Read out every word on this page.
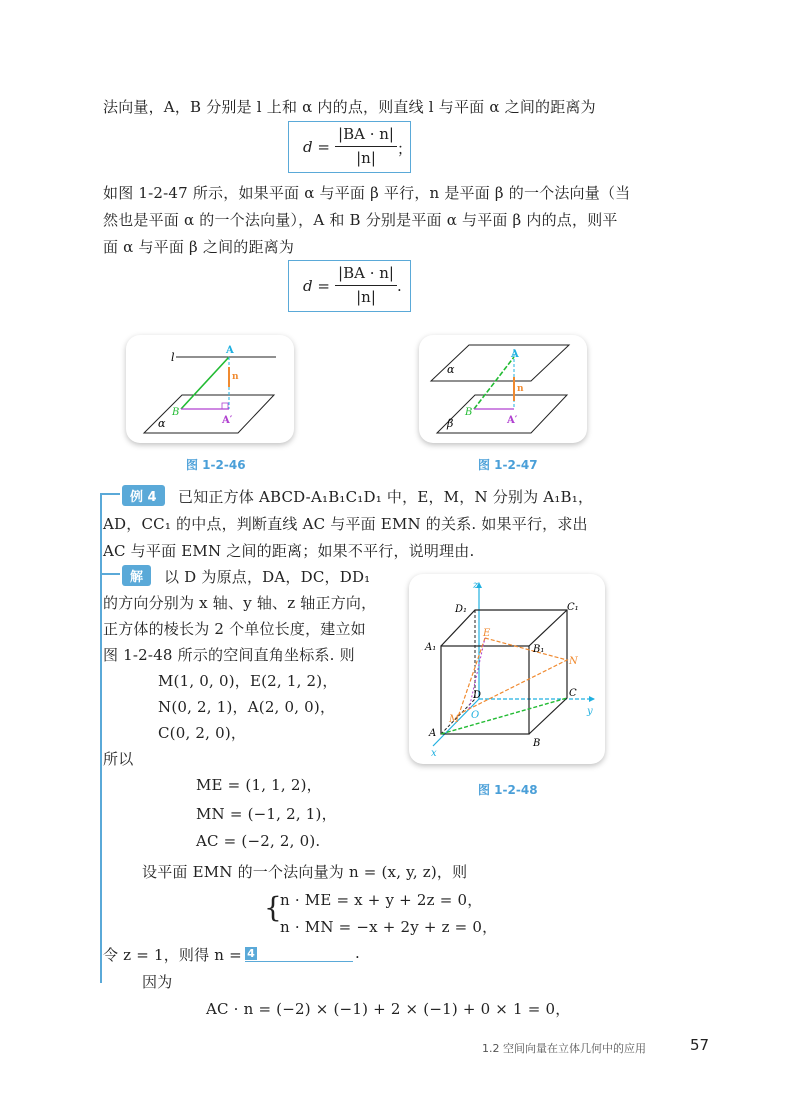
法向量，A，B 分别是 l 上和 α 内的点，则直线 l 与平面 α 之间的距离为
d =
|BA · n|
|n|	；
如图 1-2-47 所示，如果平面 α 与平面 β 平行，n 是平面 β 的一个法向量（当
然也是平面 α 的一个法向量），A 和 B 分别是平面 α 与平面 β 内的点，则平
面 α 与平面 β 之间的距离为
d =
|BA · n|
|n|
.
l
A
n
B
A′
α
图 1-2-46
α
A
n
B
A′
β
图 1-2-47
例 4	已知正方体 ABCD-A₁B₁C₁D₁ 中，E，M，N 分别为 A₁B₁，
AD，CC₁ 的中点，判断直线 AC 与平面 EMN 的关系. 如果平行，求出
AC 与平面 EMN 之间的距离；如果不平行，说明理由.
解	以 D 为原点，DA，DC，DD₁
的方向分别为 x 轴、y 轴、z 轴正方向，
正方体的棱长为 2 个单位长度，建立如
图 1-2-48 所示的空间直角坐标系. 则
M(1, 0, 0)，E(2, 1, 2)，
N(0, 2, 1)，A(2, 0, 0)，
C(0, 2, 0)，
所以
ME = (1, 1, 2)，
MN = (−1, 2, 1)，
AC = (−2, 2, 0).
设平面 EMN 的一个法向量为 n = (x, y, z)，则
{
n · ME = x + y + 2z = 0，
n · MN = −x + 2y + z = 0，
令 z = 1，则得 n = 4	.
因为
AC · n = (−2) × (−1) + 2 × (−1) + 0 × 1 = 0，
z
D₁	C₁
A₁	B₁
E
N
D
O
M
C
y
A
B
x
图 1-2-48
1.2 空间向量在立体几何中的应用	57
